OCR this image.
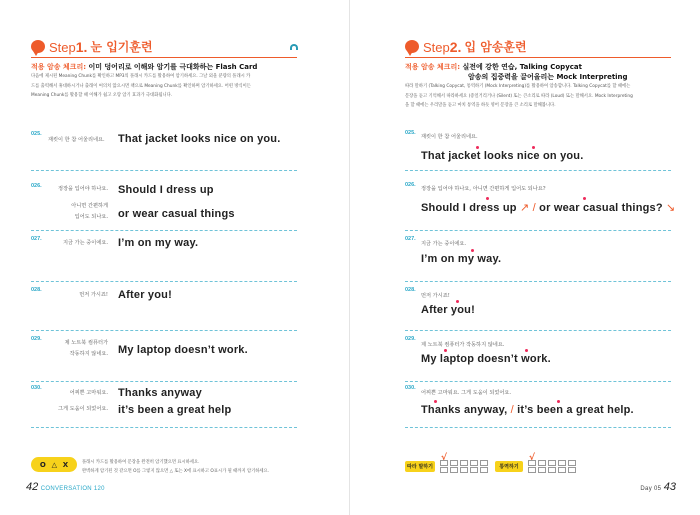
Step 1. 눈 입기훈련
적용 암송 체크리: 이미 덩어리로 이해와 암기를 극대화하는 Flash Card
다음에 제시된 Meaning Chunk를 확인하고 MP3의 플래시 카드를 활용하여 암기하세요. 그날 외울 분량의 플래시 카
드를 출력해서 휴대하시거나 출래이 여의치 않으시면 책으로 Meaning Chunk를 확인하며 암기하세요. 어떤 방식이든
Meaning Chunk를 활용할 때 이해가 쉽고 오랑 암기 효과가 극대화됩니다.
025.
재킷이 한 참 어울리네요. That jacket looks nice on you.
026.	정장을 입어야 하나요.
아니면 간편하게
입어도 되나요.
Should I dress up
or wear casual things
027.
지금 가는 중이에요. I’m on my way.
028.
먼저 가시죠! After you!
029.
제 노트북 컴퓨터가
작동하지 않네요. My laptop doesn’t work.
030.
어찌쁜 고마워요.
그게 도움이 되었어요.
Thanks anyway
it’s been a great help
O △ X	플래시 카드를 활용하여 문장을 완전히 암기했으면 표시하세요.
완벽하게 암기된 것 같으면 O를 그렇지 않으면 △ 또는 X에 표시하고 O표시가 될 때까지 암기하세요.
42 CONVERSATION 120
Step 2. 입 암송훈련
적용 암송 체크리: 실전에 강한 연습, Talking Copycat
암송의 집중력을 끌어올리는 Mock Interpreting
따라 말하기 (Talking Copycat, 통역하기 (Mock Interpreting)를 활용하여 암송합니다. Talking Copycat를 할 때에는
문장을 듣고 기억해서 따라하세요 (증얼거리거나 (Silent) 또는 큰소리로 따라 (Loud) 또는 말해서요. Mock Interpreting
을 할 때에는 우리말을 듣고 마치 통역을 하듯 영어 문장을 큰 소리로 말해봅니다.
025.
재킷이 한 참 어울리네요.
That jacket looks nice on you.
026.
정장을 입어야 하나요, 아니면 간편하게 입어도 되나요?
Should I dress up ↗ / or wear casual things? ↘
027.
지금 가는 중이에요.
I’m on my way.
028.
먼저 가시죠!
After you!
029.
제 노트북 컴퓨터가 작동하지 않네요.
My laptop doesn’t work.
030.
어찌쁜 고마워요. 그게 도움이 되었어요.
Thanks anyway, / it’s been a great help.
따라 말하기
√
통역하기
√
Day 05 43
